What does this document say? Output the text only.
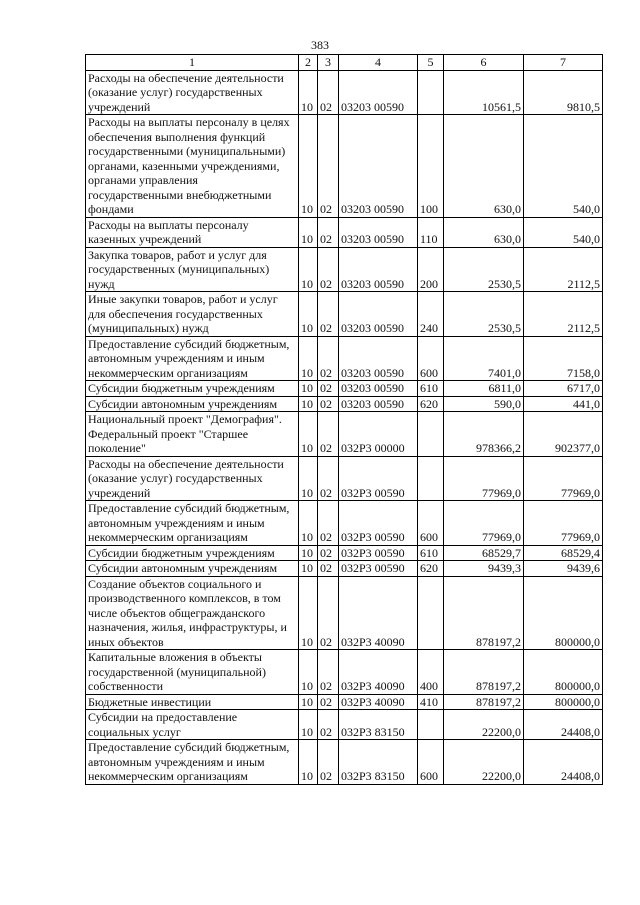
383
1	2	3	4	5	6	7
Расходы на обеспечение деятельности (оказание услуг) государственных учреждений	10	02	03203 00590		10561,5	9810,5
Расходы на выплаты персоналу в целях обеспечения выполнения функций государственными (муниципальными) органами, казенными учреждениями, органами управления государственными внебюджетными фондами	10	02	03203 00590	100	630,0	540,0
Расходы на выплаты персоналу казенных учреждений	10	02	03203 00590	110	630,0	540,0
Закупка товаров, работ и услуг для государственных (муниципальных) нужд	10	02	03203 00590	200	2530,5	2112,5
Иные закупки товаров, работ и услуг для обеспечения государственных (муниципальных) нужд	10	02	03203 00590	240	2530,5	2112,5
Предоставление субсидий бюджетным, автономным учреждениям и иным некоммерческим организациям	10	02	03203 00590	600	7401,0	7158,0
Субсидии бюджетным учреждениям	10	02	03203 00590	610	6811,0	6717,0
Субсидии автономным учреждениям	10	02	03203 00590	620	590,0	441,0
Национальный проект "Демография". Федеральный проект "Старшее поколение"	10	02	032Р3 00000		978366,2	902377,0
Расходы на обеспечение деятельности (оказание услуг) государственных учреждений	10	02	032Р3 00590		77969,0	77969,0
Предоставление субсидий бюджетным, автономным учреждениям и иным некоммерческим организациям	10	02	032Р3 00590	600	77969,0	77969,0
Субсидии бюджетным учреждениям	10	02	032Р3 00590	610	68529,7	68529,4
Субсидии автономным учреждениям	10	02	032Р3 00590	620	9439,3	9439,6
Создание объектов социального и производственного комплексов, в том числе объектов общегражданского назначения, жилья, инфраструктуры, и иных объектов	10	02	032Р3 40090		878197,2	800000,0
Капитальные вложения в объекты государственной (муниципальной) собственности	10	02	032Р3 40090	400	878197,2	800000,0
Бюджетные инвестиции	10	02	032Р3 40090	410	878197,2	800000,0
Субсидии на предоставление социальных услуг	10	02	032Р3 83150		22200,0	24408,0
Предоставление субсидий бюджетным, автономным учреждениям и иным некоммерческим организациям	10	02	032Р3 83150	600	22200,0	24408,0
